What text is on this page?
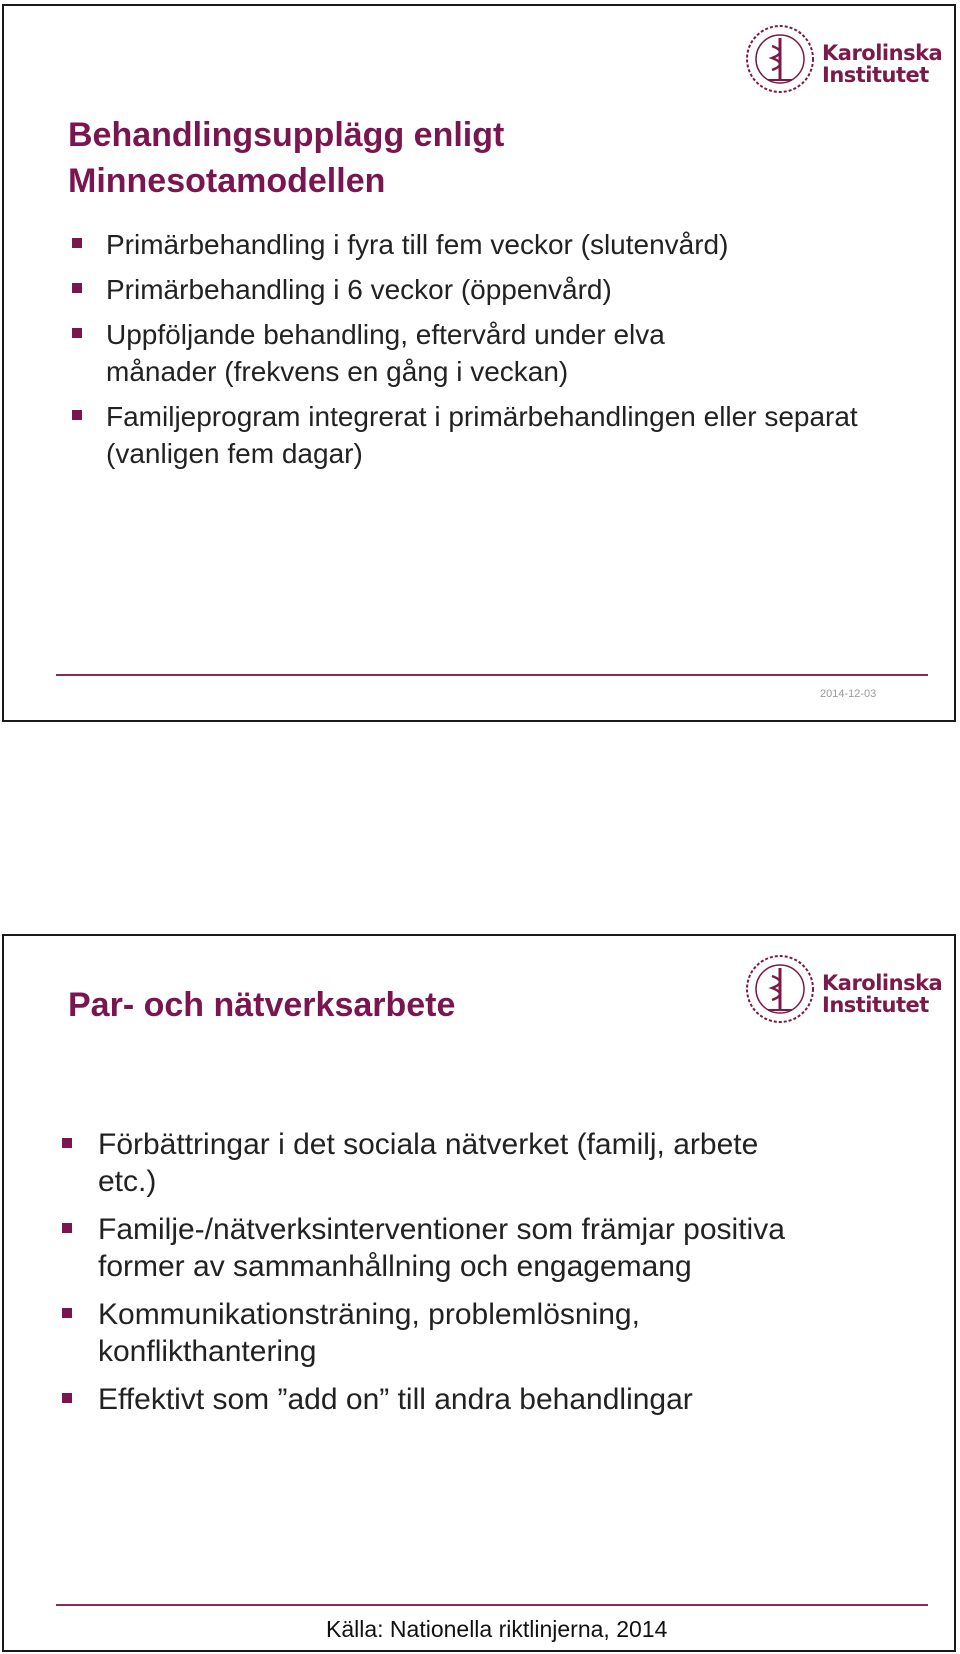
Karolinska Institutet
Behandlingsupplägg enligt
Minnesotamodellen
Primärbehandling i fyra till fem veckor (slutenvård)
Primärbehandling i 6 veckor (öppenvård)
Uppföljande behandling, eftervård under elva månader (frekvens en gång i veckan)
Familjeprogram integrerat i primärbehandlingen eller separat (vanligen fem dagar)
2014-12-03
Karolinska Institutet
Par- och nätverksarbete
Förbättringar i det sociala nätverket (familj, arbete etc.)
Familje-/nätverksinterventioner som främjar positiva former av sammanhållning och engagemang
Kommunikationsträning, problemlösning, konflikthantering
Effektivt som ”add on” till andra behandlingar
Källa: Nationella riktlinjerna, 2014
